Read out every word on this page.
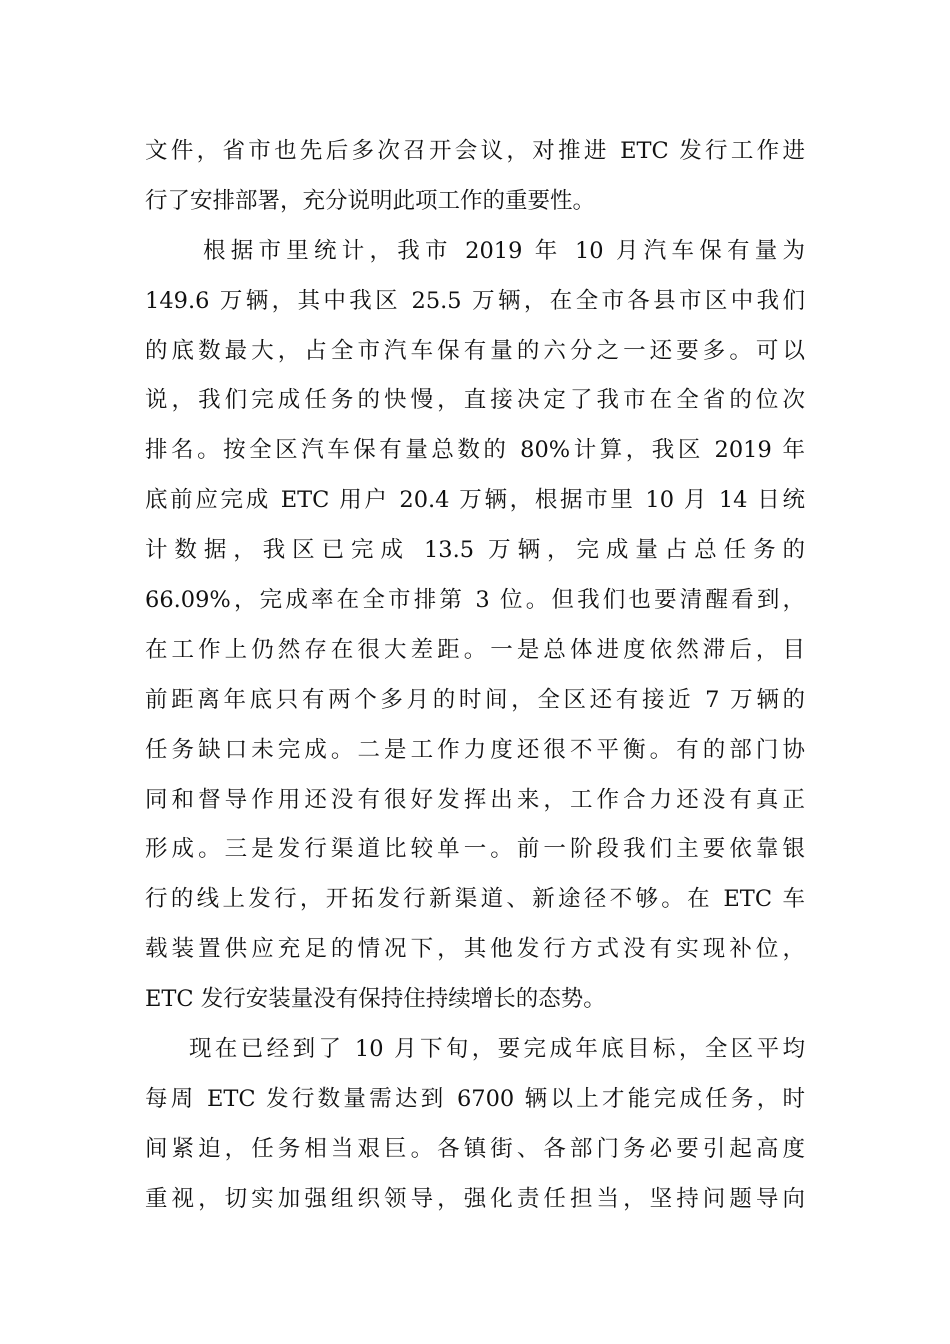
文件，省市也先后多次召开会议，对推进 ETC 发行工作进
行了安排部署，充分说明此项工作的重要性。
根据市里统计，我市 2019 年 10 月汽车保有量为
149.6 万辆，其中我区 25.5 万辆，在全市各县市区中我们
的底数最大，占全市汽车保有量的六分之一还要多。可以
说，我们完成任务的快慢，直接决定了我市在全省的位次
排名。按全区汽车保有量总数的 80%计算，我区 2019 年
底前应完成 ETC 用户 20.4 万辆，根据市里 10 月 14 日统
计数据，我区已完成 13.5 万辆，完成量占总任务的
66.09%，完成率在全市排第 3 位。但我们也要清醒看到，
在工作上仍然存在很大差距。一是总体进度依然滞后，目
前距离年底只有两个多月的时间，全区还有接近 7 万辆的
任务缺口未完成。二是工作力度还很不平衡。有的部门协
同和督导作用还没有很好发挥出来，工作合力还没有真正
形成。三是发行渠道比较单一。前一阶段我们主要依靠银
行的线上发行，开拓发行新渠道、新途径不够。在 ETC 车
载装置供应充足的情况下，其他发行方式没有实现补位，
ETC 发行安装量没有保持住持续增长的态势。
现在已经到了 10 月下旬，要完成年底目标，全区平均
每周 ETC 发行数量需达到 6700 辆以上才能完成任务，时
间紧迫，任务相当艰巨。各镇街、各部门务必要引起高度
重视，切实加强组织领导，强化责任担当，坚持问题导向
